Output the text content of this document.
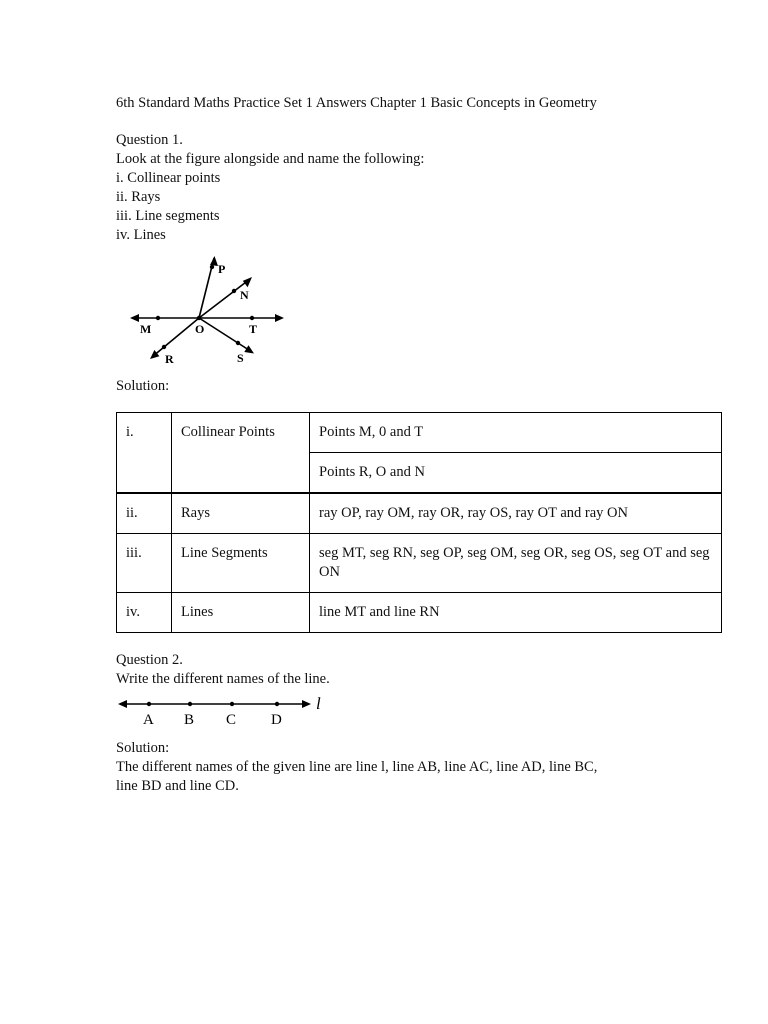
6th Standard Maths Practice Set 1 Answers Chapter 1 Basic Concepts in Geometry
Question 1.
Look at the figure alongside and name the following:
i. Collinear points
ii. Rays
iii. Line segments
iv. Lines
P
N
M	O	T
R	S
Solution:
i.	Collinear Points	Points M, 0 and T
		Points R, O and N
ii.	Rays	ray OP, ray OM, ray OR, ray OS, ray OT and ray ON
iii.	Line Segments	seg MT, seg RN, seg OP, seg OM, seg OR, seg OS, seg OT and seg ON
iv.	Lines	line MT and line RN
Question 2.
Write the different names of the line.
A B C D
l
Solution:
The different names of the given line are line l, line AB, line AC, line AD, line BC,
line BD and line CD.
